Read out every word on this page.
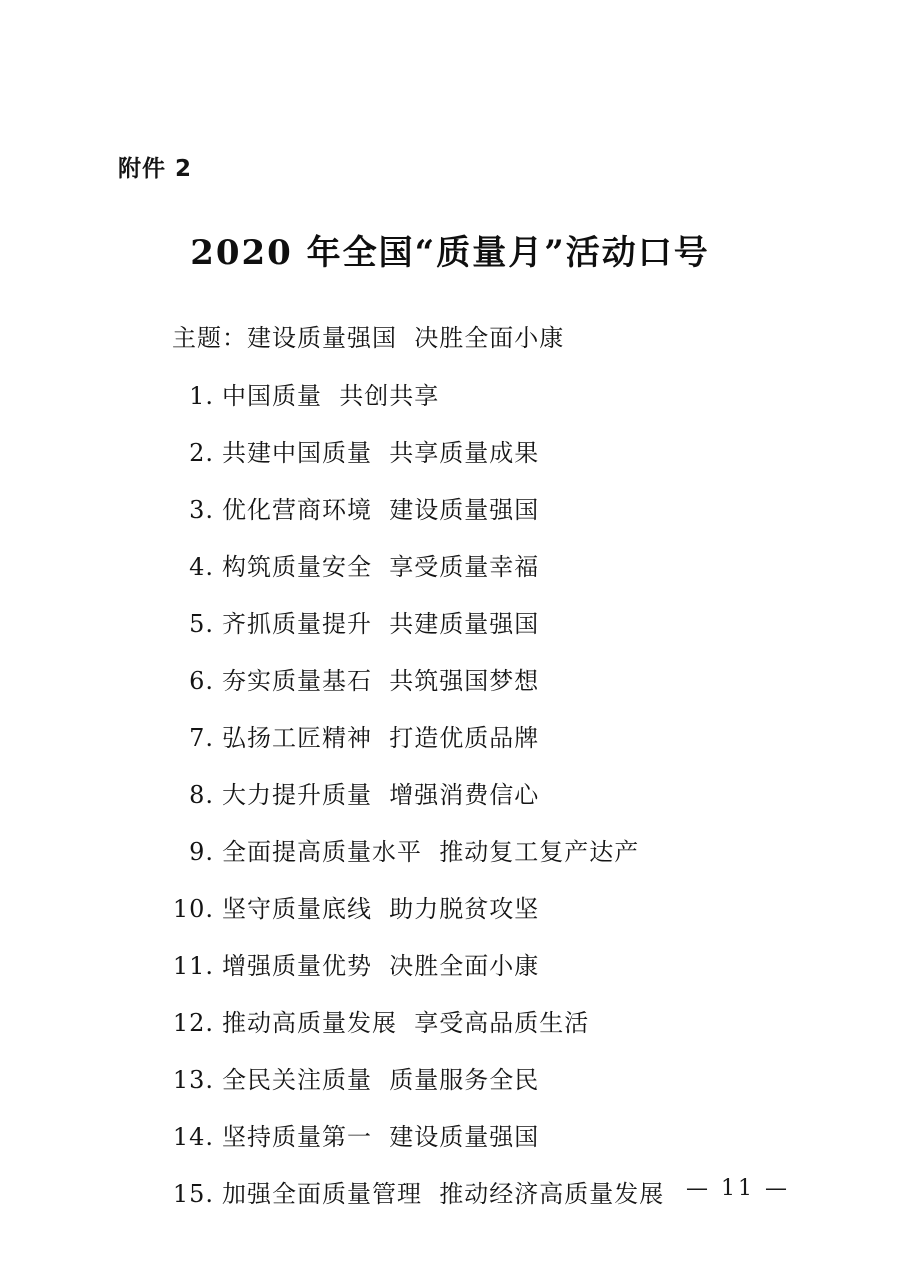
附件 2
2020 年全国“质量月”活动口号
主题：建设质量强国  决胜全面小康
1. 中国质量  共创共享
2. 共建中国质量  共享质量成果
3. 优化营商环境  建设质量强国
4. 构筑质量安全  享受质量幸福
5. 齐抓质量提升  共建质量强国
6. 夯实质量基石  共筑强国梦想
7. 弘扬工匠精神  打造优质品牌
8. 大力提升质量  增强消费信心
9. 全面提高质量水平  推动复工复产达产
10. 坚守质量底线  助力脱贫攻坚
11. 增强质量优势  决胜全面小康
12. 推动高质量发展  享受高品质生活
13. 全民关注质量  质量服务全民
14. 坚持质量第一  建设质量强国
15. 加强全面质量管理  推动经济高质量发展 — 11 —
